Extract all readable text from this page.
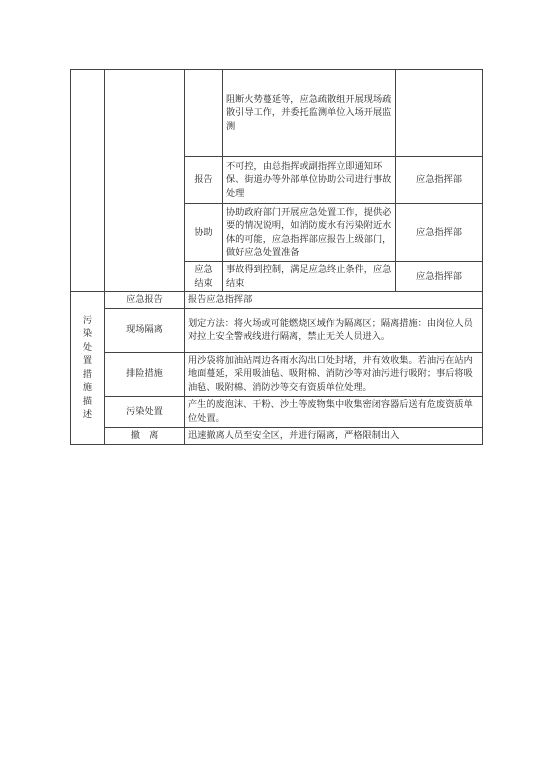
			阻断火势蔓延等，应急疏散组开展现场疏散引导工作，并委托监测单位入场开展监测	
		报告	不可控，由总指挥或副指挥立即通知环保、街道办等外部单位协助公司进行事故处理	应急指挥部
		协助	协助政府部门开展应急处置工作，提供必要的情况说明，如消防废水有污染附近水体的可能，应急指挥部应报告上级部门，做好应急处置准备	应急指挥部
		应急结束	事故得到控制，满足应急终止条件，应急结束	应急指挥部
污染处置措施描述	应急报告	报告应急指挥部		
	现场隔离	划定方法：将火场或可能燃烧区域作为隔离区；隔离措施：由岗位人员对拉上安全警戒线进行隔离，禁止无关人员进入。		
	排险措施	用沙袋将加油站周边各雨水沟出口处封堵，并有效收集。若油污在站内地面蔓延，采用吸油毡、吸附棉、消防沙等对油污进行吸附；事后将吸油毡、吸附棉、消防沙等交有资质单位处理。		
	污染处置	产生的废泡沫、干粉、沙土等废物集中收集密闭容器后送有危废资质单位处置。		
	撤　离	迅速撤离人员至安全区，并进行隔离，严格限制出入		
